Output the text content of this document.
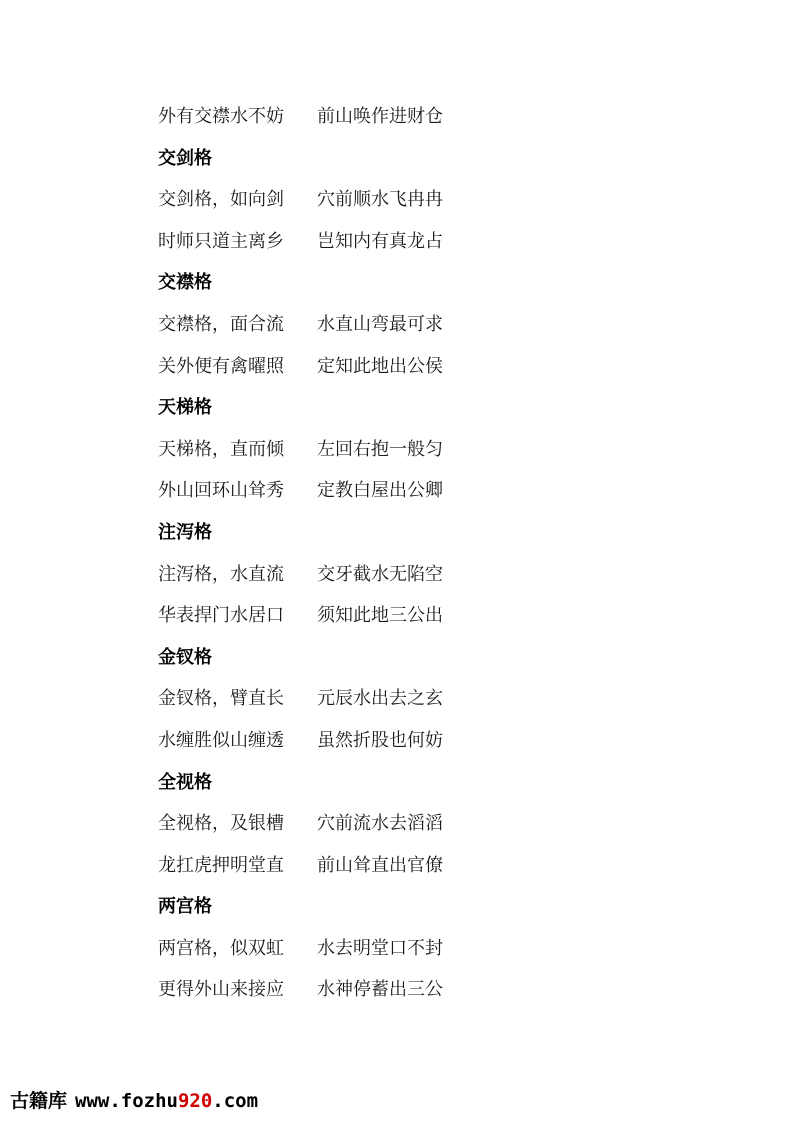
外有交襟水不妨 前山唤作进财仓
交剑格
交剑格，如向剑 穴前顺水飞冉冉
时师只道主离乡 岂知内有真龙占
交襟格
交襟格，面合流 水直山弯最可求
关外便有禽曜照 定知此地出公侯
天梯格
天梯格，直而倾 左回右抱一般匀
外山回环山耸秀 定教白屋出公卿
注泻格
注泻格，水直流 交牙截水无陷空
华表捍门水居口 须知此地三公出
金钗格
金钗格，臂直长 元辰水出去之玄
水缠胜似山缠透 虽然折股也何妨
全视格
全视格，及银槽 穴前流水去滔滔
龙扛虎押明堂直 前山耸直出官僚
两宫格
两宫格，似双虹 水去明堂口不封
更得外山来接应 水神停蓄出三公
古籍库 www.fozhu920.com
